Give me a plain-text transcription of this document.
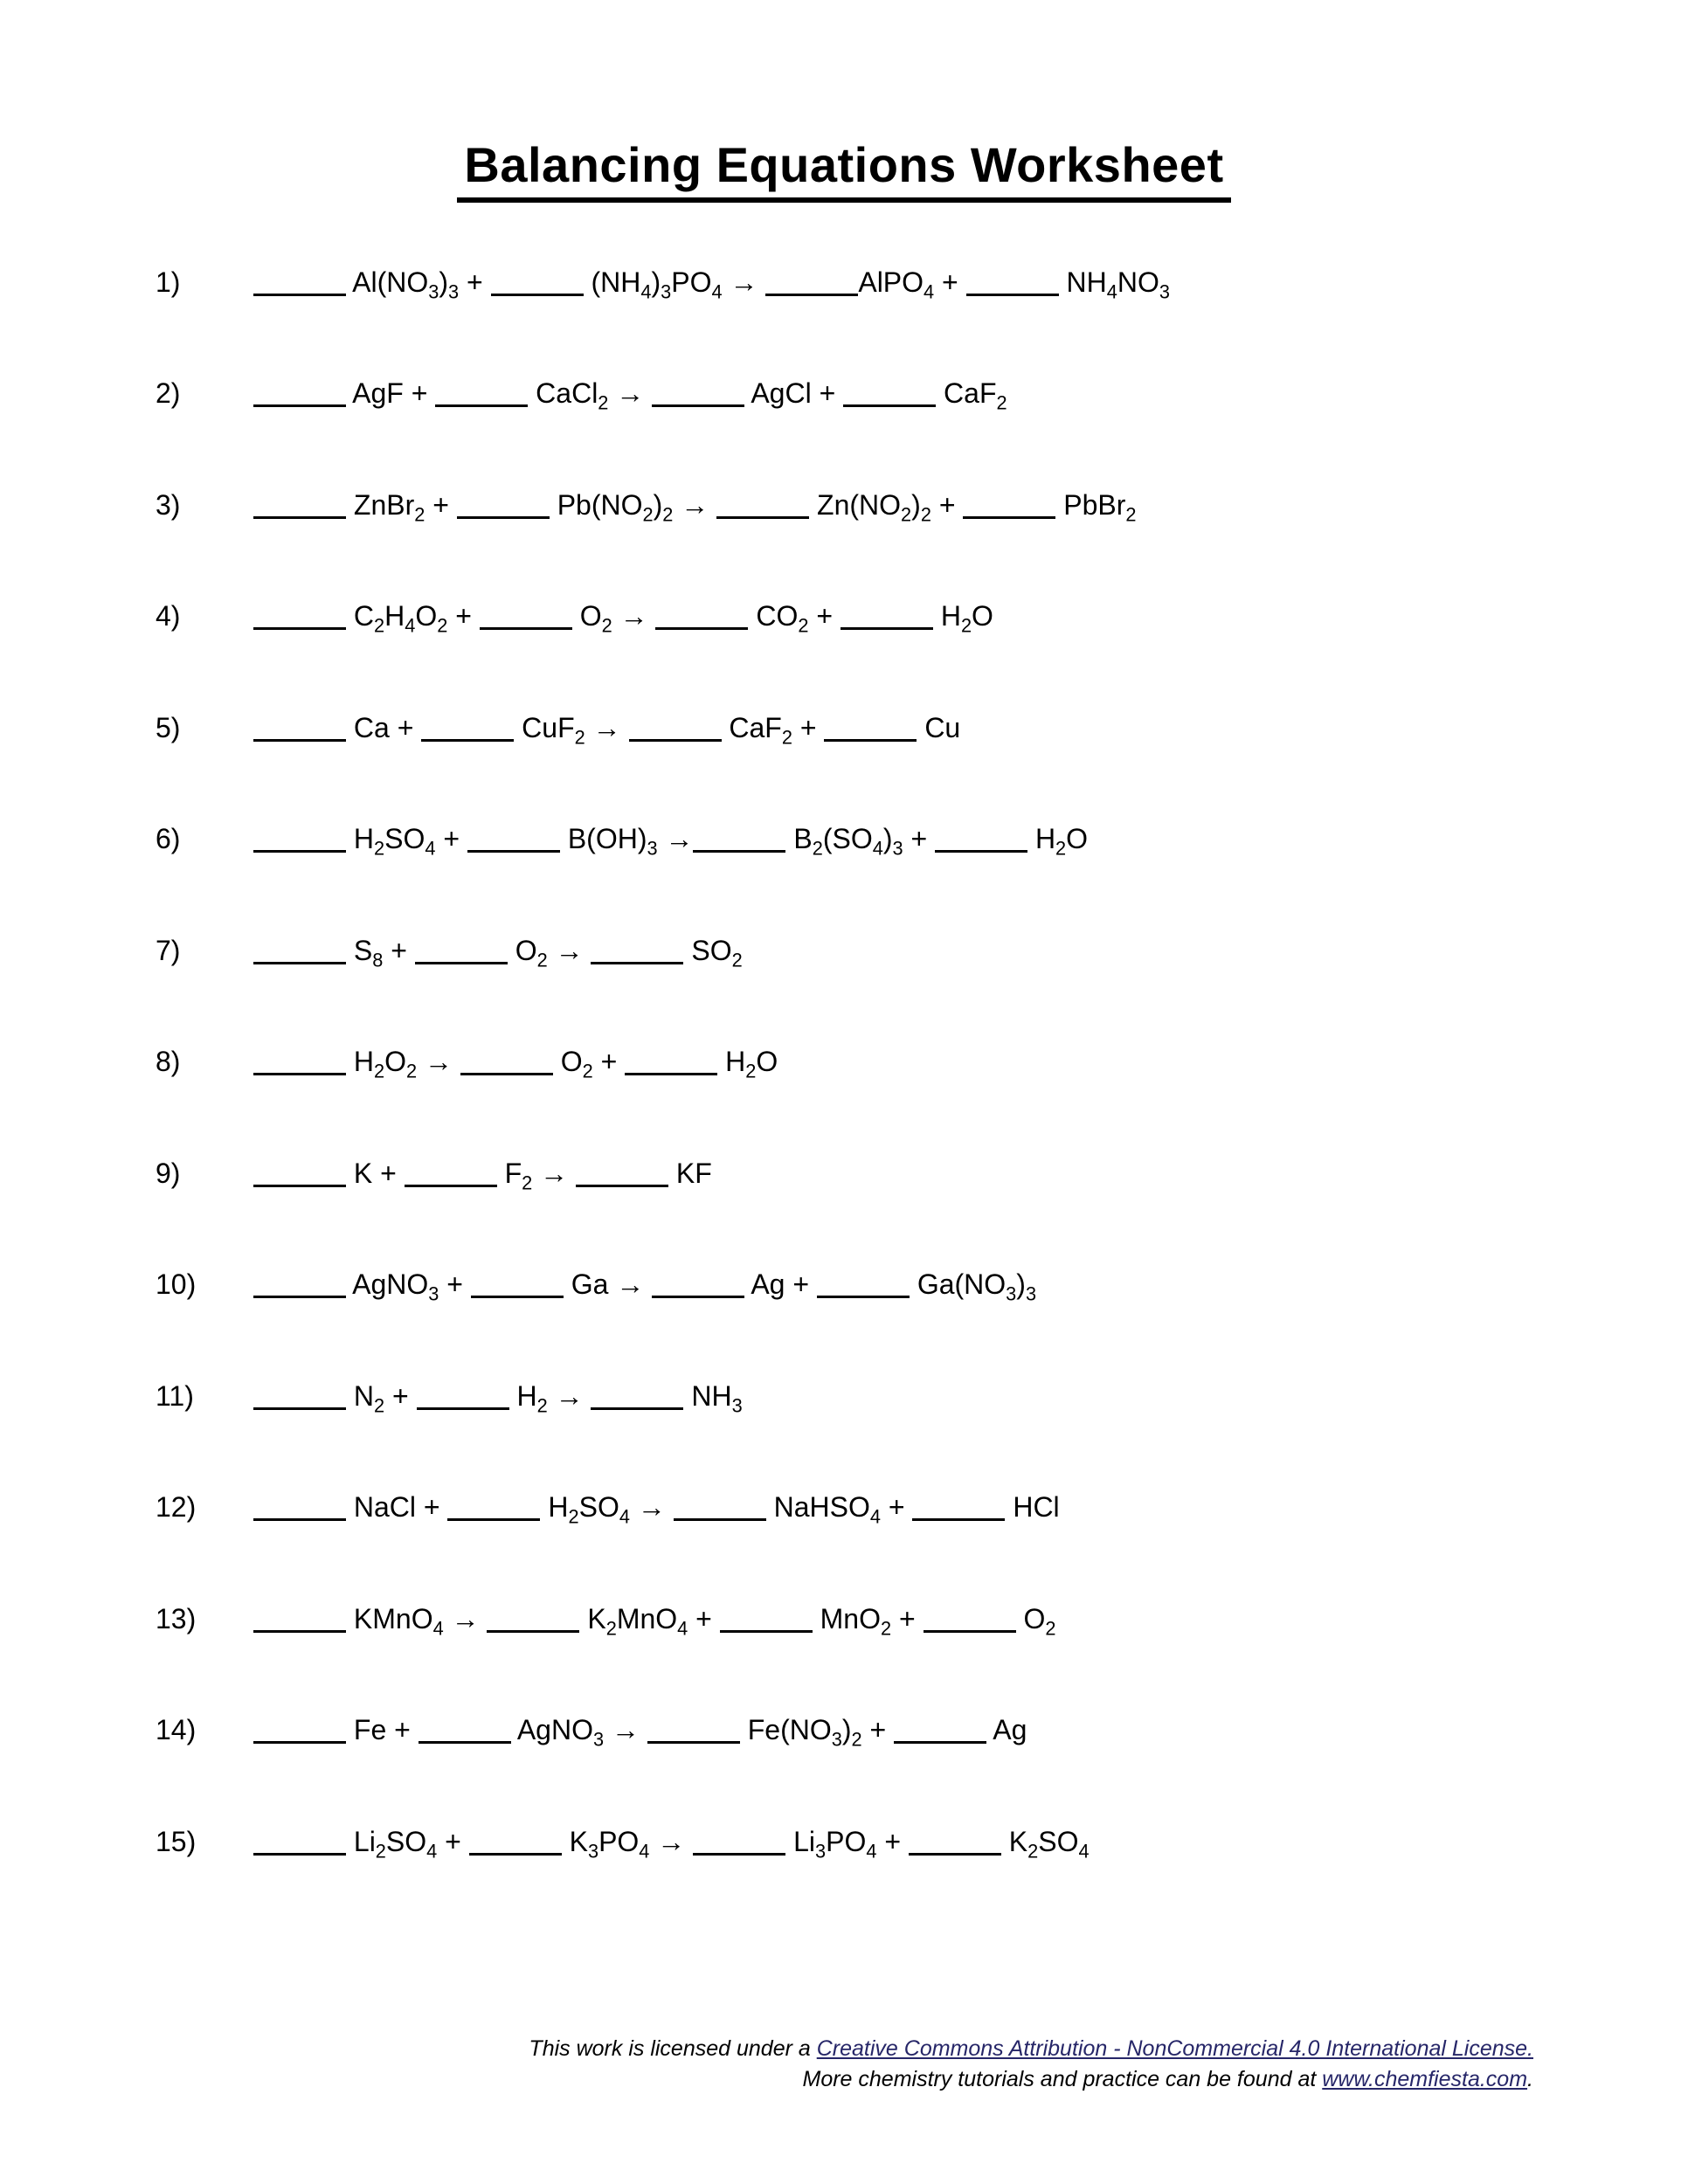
Balancing Equations Worksheet
1)	$Al(NO_3)_3$ +	$(NH_4)_3PO_4$ →	AlPO$_4$ +	$NH_4NO_3$
2)	AgF +	CaCl$_2$ →	AgCl +	CaF$_2$
3)	ZnBr$_2$ +	$Pb(NO_2)_2$ →	$Zn(NO_2)_2$ +	PbBr$_2$
4)	$C_2H_4O_2$ +	$O_2$ →	$CO_2$ +	$H_2O$
5)	Ca +	CuF$_2$ →	CaF$_2$ +	Cu
6)	$H_2SO_4$ +	$B(OH)_3$ →	$B_2(SO_4)_3$ +	$H_2O$
7)	$S_8$ +	$O_2$ →	$SO_2$
8)	$H_2O_2$ →	$O_2$ +	$H_2O$
9)	K +	$F_2$ →	KF
10)	AgNO$_3$ +	Ga →	Ag +	$Ga(NO_3)_3$
11)	$N_2$ +	$H_2$ →	$NH_3$
12)	NaCl +	$H_2SO_4$ →	NaHSO$_4$ +	HCl
13)	KMnO$_4$ →	$K_2MnO_4$ +	MnO$_2$ +	$O_2$
14)	Fe +	AgNO$_3$ →	$Fe(NO_3)_2$ +	Ag
15)	$Li_2SO_4$ +	$K_3PO_4$ →	$Li_3PO_4$ +	$K_2SO_4$
This work is licensed under a Creative Commons Attribution - NonCommercial 4.0 International License.
More chemistry tutorials and practice can be found at www.chemfiesta.com.
